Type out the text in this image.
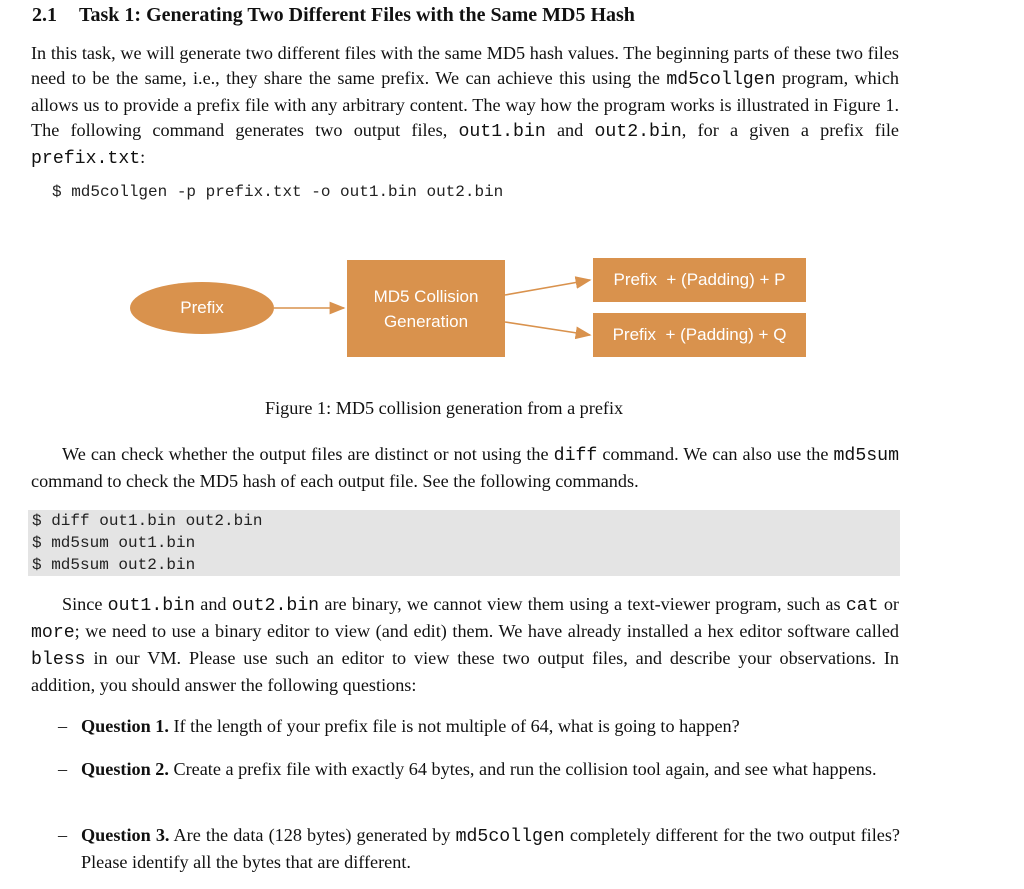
2.1 Task 1: Generating Two Different Files with the Same MD5 Hash
In this task, we will generate two different files with the same MD5 hash values. The beginning parts of these two files need to be the same, i.e., they share the same prefix. We can achieve this using the md5collgen program, which allows us to provide a prefix file with any arbitrary content. The way how the program works is illustrated in Figure 1. The following command generates two output files, out1.bin and out2.bin, for a given a prefix file prefix.txt:
$ md5collgen -p prefix.txt -o out1.bin out2.bin
Prefix
MD5 Collision
Generation
Prefix  + (Padding) + P
Prefix  + (Padding) + Q
Figure 1: MD5 collision generation from a prefix
We can check whether the output files are distinct or not using the diff command. We can also use the md5sum command to check the MD5 hash of each output file. See the following commands.
$ diff out1.bin out2.bin
$ md5sum out1.bin
$ md5sum out2.bin
Since out1.bin and out2.bin are binary, we cannot view them using a text-viewer program, such as cat or more; we need to use a binary editor to view (and edit) them. We have already installed a hex editor software called bless in our VM. Please use such an editor to view these two output files, and describe your observations. In addition, you should answer the following questions:
– Question 1. If the length of your prefix file is not multiple of 64, what is going to happen?
– Question 2. Create a prefix file with exactly 64 bytes, and run the collision tool again, and see what happens.
– Question 3. Are the data (128 bytes) generated by md5collgen completely different for the two output files? Please identify all the bytes that are different.
